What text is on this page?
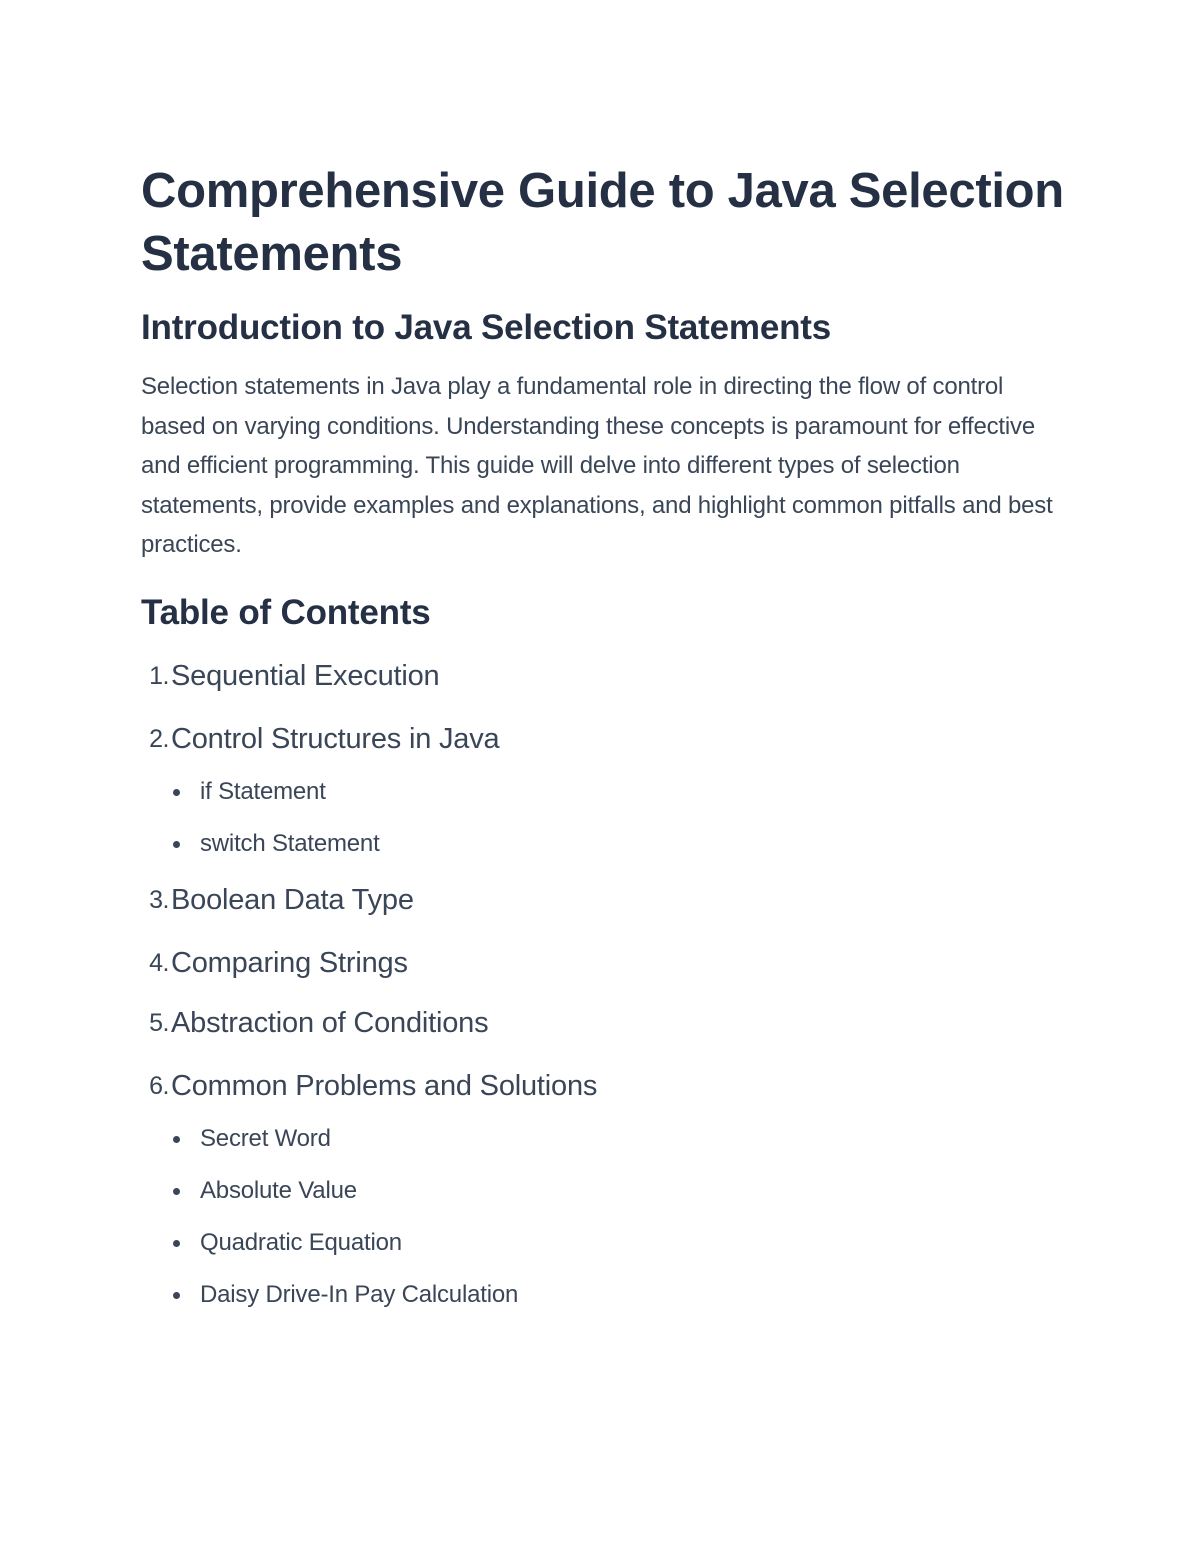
Comprehensive Guide to Java Selection Statements
Introduction to Java Selection Statements

Selection statements in Java play a fundamental role in directing the flow of control based on varying conditions. Understanding these concepts is paramount for effective and efficient programming. This guide will delve into different types of selection statements, provide examples and explanations, and highlight common pitfalls and best practices.

Table of Contents
1. Sequential Execution
2. Control Structures in Java
if Statement
switch Statement
3. Boolean Data Type
4. Comparing Strings
5. Abstraction of Conditions
6. Common Problems and Solutions
Secret Word
Absolute Value
Quadratic Equation
Daisy Drive-In Pay Calculation
